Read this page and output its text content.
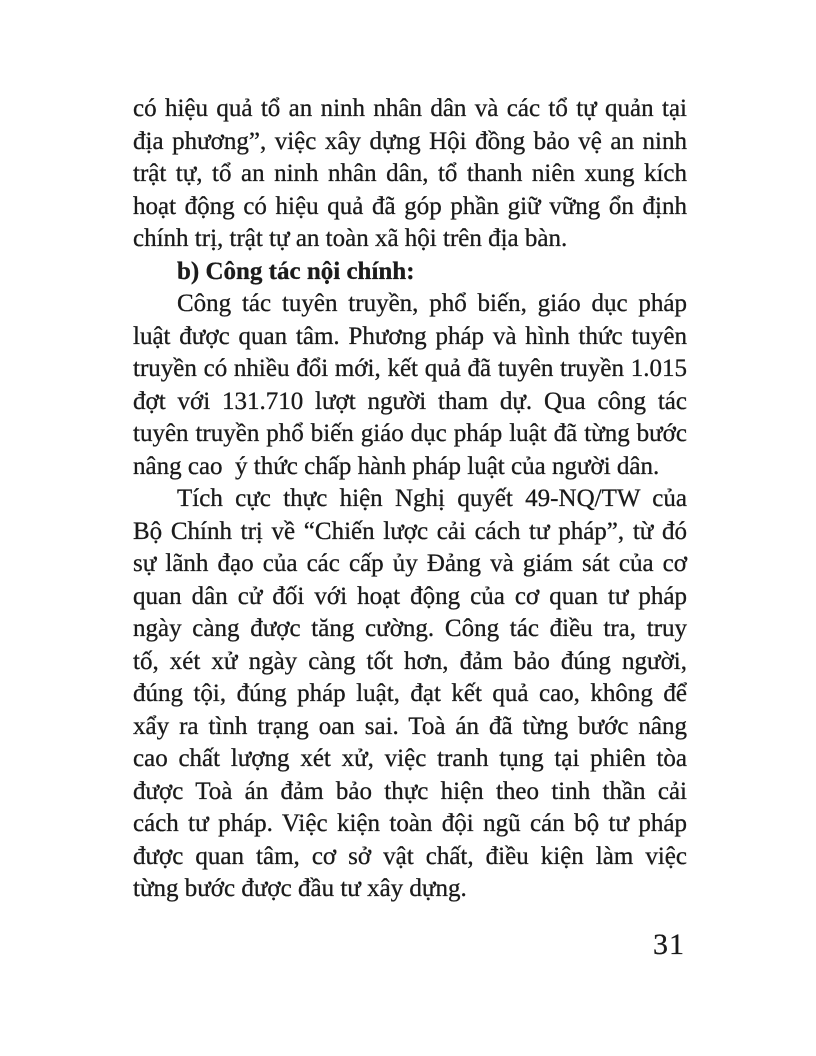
có hiệu quả tổ an ninh nhân dân và các tổ tự quản tại
địa phương”, việc xây dựng Hội đồng bảo vệ an ninh
trật tự, tổ an ninh nhân dân, tổ thanh niên xung kích
hoạt động có hiệu quả đã góp phần giữ vững ổn định
chính trị, trật tự an toàn xã hội trên địa bàn.
b) Công tác nội chính:
Công tác tuyên truyền, phổ biến, giáo dục pháp
luật được quan tâm. Phương pháp và hình thức tuyên
truyền có nhiều đổi mới, kết quả đã tuyên truyền 1.015
đợt với 131.710 lượt người tham dự. Qua công tác
tuyên truyền phổ biến giáo dục pháp luật đã từng bước
nâng cao  ý thức chấp hành pháp luật của người dân.
Tích cực thực hiện Nghị quyết 49-NQ/TW của
Bộ Chính trị về “Chiến lược cải cách tư pháp”, từ đó
sự lãnh đạo của các cấp ủy Đảng và giám sát của cơ
quan dân cử đối với hoạt động của cơ quan tư pháp
ngày càng được tăng cường. Công tác điều tra, truy
tố, xét xử ngày càng tốt hơn, đảm bảo đúng người,
đúng tội, đúng pháp luật, đạt kết quả cao, không để
xẩy ra tình trạng oan sai. Toà án đã từng bước nâng
cao chất lượng xét xử, việc tranh tụng tại phiên tòa
được Toà án đảm bảo thực hiện theo tinh thần cải
cách tư pháp. Việc kiện toàn đội ngũ cán bộ tư pháp
được quan tâm, cơ sở vật chất, điều kiện làm việc
từng bước được đầu tư xây dựng.
31
